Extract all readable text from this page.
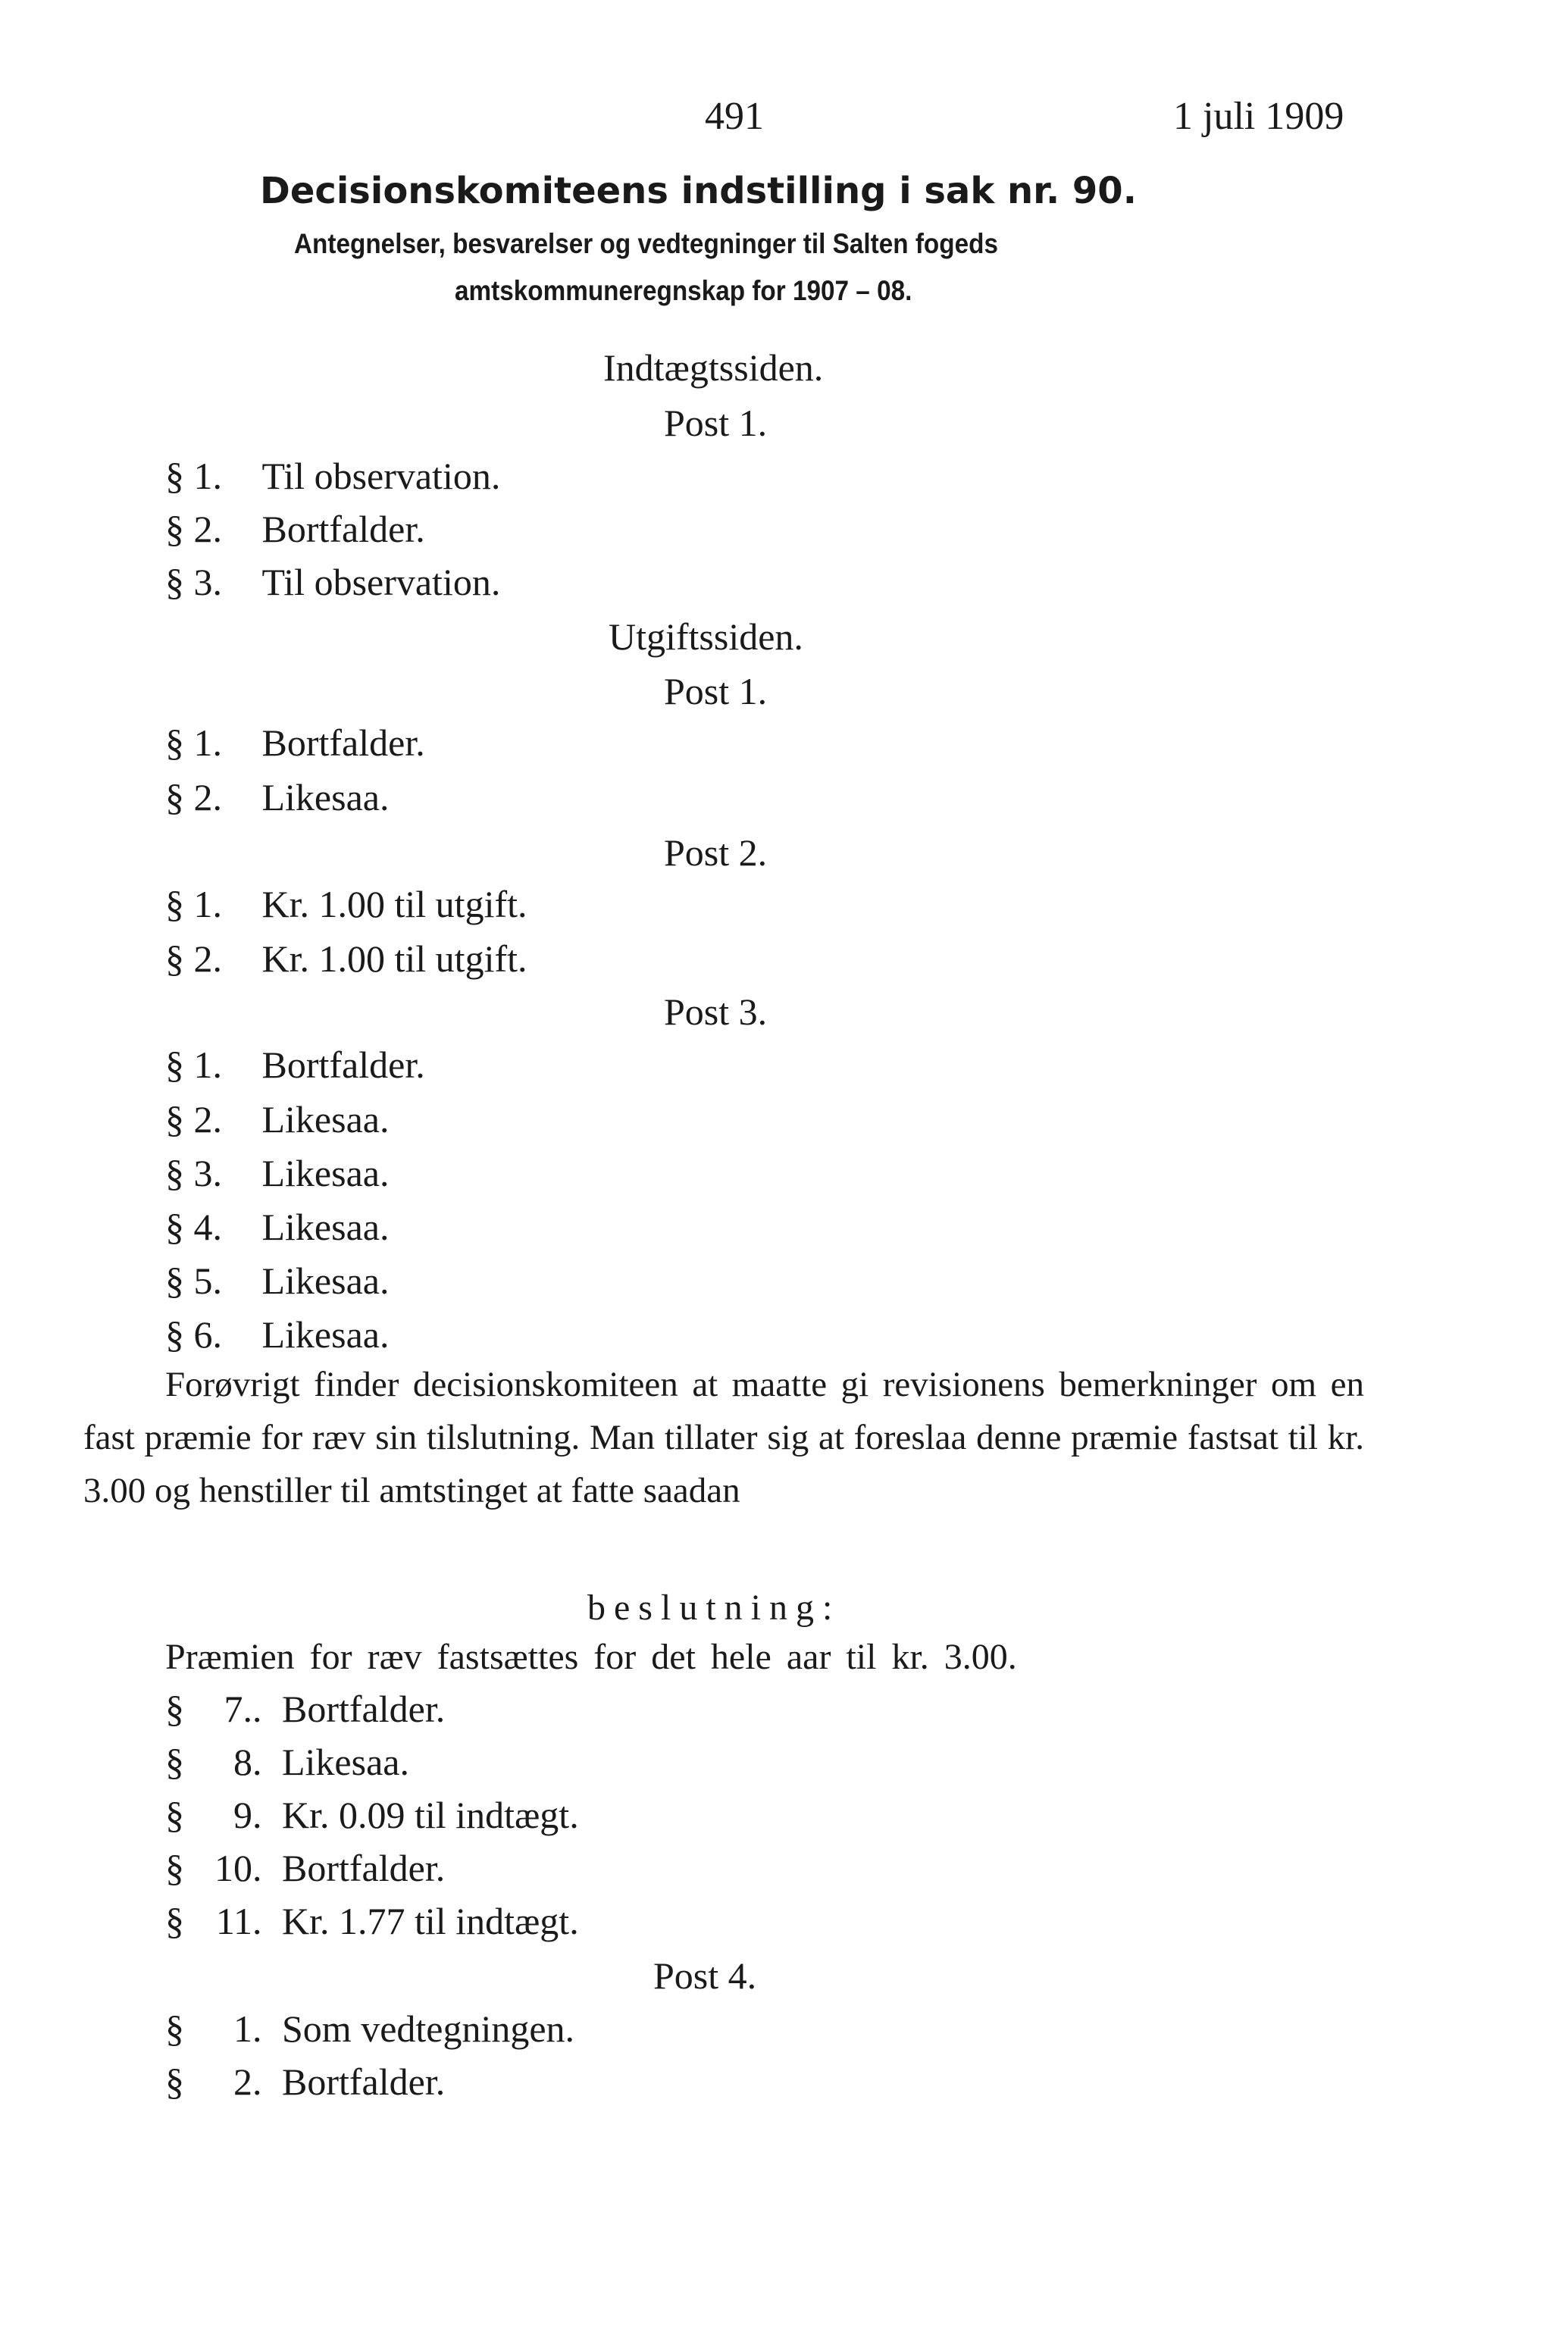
491	1 juli 1909
Decisionskomiteens indstilling i sak nr. 90.
Antegnelser, besvarelser og vedtegninger til Salten fogeds
amtskommuneregnskap for 1907 – 08.
Indtægtssiden.
Post 1.
§ 1. Til observation.
§ 2. Bortfalder.
§ 3. Til observation.
Utgiftssiden.
Post 1.
§ 1. Bortfalder.
§ 2. Likesaa.
Post 2.
§ 1. Kr. 1.00 til utgift.
§ 2. Kr. 1.00 til utgift.
Post 3.
§ 1. Bortfalder.
§ 2. Likesaa.
§ 3. Likesaa.
§ 4. Likesaa.
§ 5. Likesaa.
§ 6. Likesaa.
Forøvrigt finder decisionskomiteen at maatte gi revisionens bemerkninger om en fast præmie for ræv sin tilslutning. Man tillater sig at foreslaa denne præmie fastsat til kr. 3.00 og henstiller til amtstinget at fatte saadan
beslutning:
Præmien for ræv fastsættes for det hele aar til kr. 3.00.
§ 7.. Bortfalder.
§ 8. Likesaa.
§ 9. Kr. 0.09 til indtægt.
§ 10. Bortfalder.
§ 11. Kr. 1.77 til indtægt.
Post 4.
§ 1. Som vedtegningen.
§ 2. Bortfalder.
